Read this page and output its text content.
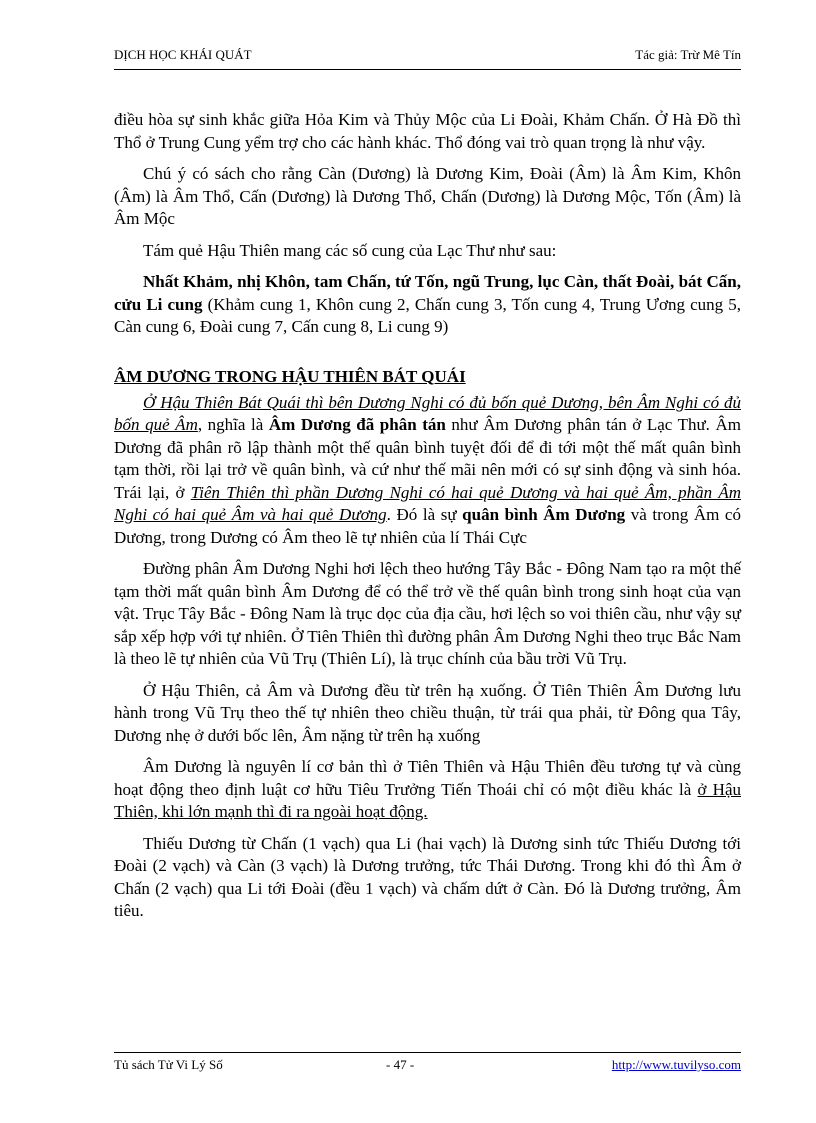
DỊCH HỌC KHÁI QUÁT	Tác giả: Trừ Mê Tín

điều hòa sự sinh khắc giữa Hỏa Kim và Thủy Mộc của Li Đoài, Khảm Chấn. Ở Hà Đồ thì Thổ ở Trung Cung yểm trợ cho các hành khác. Thổ đóng vai trò quan trọng là như vậy.

Chú ý có sách cho rằng Càn (Dương) là Dương Kim, Đoài (Âm) là Âm Kim, Khôn (Âm) là Âm Thổ, Cấn (Dương) là Dương Thổ, Chấn (Dương) là Dương Mộc, Tốn (Âm) là Âm Mộc

Tám quẻ Hậu Thiên mang các số cung của Lạc Thư như sau:

Nhất Khảm, nhị Khôn, tam Chấn, tứ Tốn, ngũ Trung, lục Càn, thất Đoài, bát Cấn, cửu Li cung (Khảm cung 1, Khôn cung 2, Chấn cung 3, Tốn cung 4, Trung Ương cung 5, Càn cung 6, Đoài cung 7, Cấn cung 8, Li cung 9)

ÂM DƯƠNG TRONG HẬU THIÊN BÁT QUÁI

Ở Hậu Thiên Bát Quái thì bên Dương Nghi có đủ bốn quẻ Dương, bên Âm Nghi có đủ bốn quẻ Âm, nghĩa là Âm Dương đã phân tán như Âm Dương phân tán ở Lạc Thư. Âm Dương đã phân rõ lập thành một thế quân bình tuyệt đối để đi tới một thế mất quân bình tạm thời, rồi lại trở về quân bình, và cứ như thế mãi nên mới có sự sinh động và sinh hóa. Trái lại, ở Tiên Thiên thì phần Dương Nghi có hai quẻ Dương và hai quẻ Âm, phần Âm Nghi có hai quẻ Âm và hai quẻ Dương. Đó là sự quân bình Âm Dương và trong Âm có Dương, trong Dương có Âm theo lẽ tự nhiên của lí Thái Cực

Đường phân Âm Dương Nghi hơi lệch theo hướng Tây Bắc - Đông Nam tạo ra một thế tạm thời mất quân bình Âm Dương để có thể trở về thế quân bình trong sinh hoạt của vạn vật. Trục Tây Bắc - Đông Nam là trục dọc của địa cầu, hơi lệch so voi thiên cầu, như vậy sự sắp xếp hợp với tự nhiên. Ở Tiên Thiên thì đường phân Âm Dương Nghi theo trục Bắc Nam là theo lẽ tự nhiên của Vũ Trụ (Thiên Lí), là trục chính của bầu trời Vũ Trụ.

Ở Hậu Thiên, cả Âm và Dương đều từ trên hạ xuống. Ở Tiên Thiên Âm Dương lưu hành trong Vũ Trụ theo thế tự nhiên theo chiều thuận, từ trái qua phải, từ Đông qua Tây, Dương nhẹ ở dưới bốc lên, Âm nặng từ trên hạ xuống

Âm Dương là nguyên lí cơ bản thì ở Tiên Thiên và Hậu Thiên đều tương tự và cùng hoạt động theo định luật cơ hữu Tiêu Trưởng Tiến Thoái chỉ có một điều khác là ở Hậu Thiên, khi lớn mạnh thì đi ra ngoài hoạt động.

Thiếu Dương từ Chấn (1 vạch) qua Li (hai vạch) là Dương sinh tức Thiếu Dương tới Đoài (2 vạch) và Càn (3 vạch) là Dương trưởng, tức Thái Dương. Trong khi đó thì Âm ở Chấn (2 vạch) qua Li tới Đoài (đều 1 vạch) và chấm dứt ở Càn. Đó là Dương trưởng, Âm tiêu.

Tủ sách Tử Vi Lý Số	- 47 -	http://www.tuvilyso.com
